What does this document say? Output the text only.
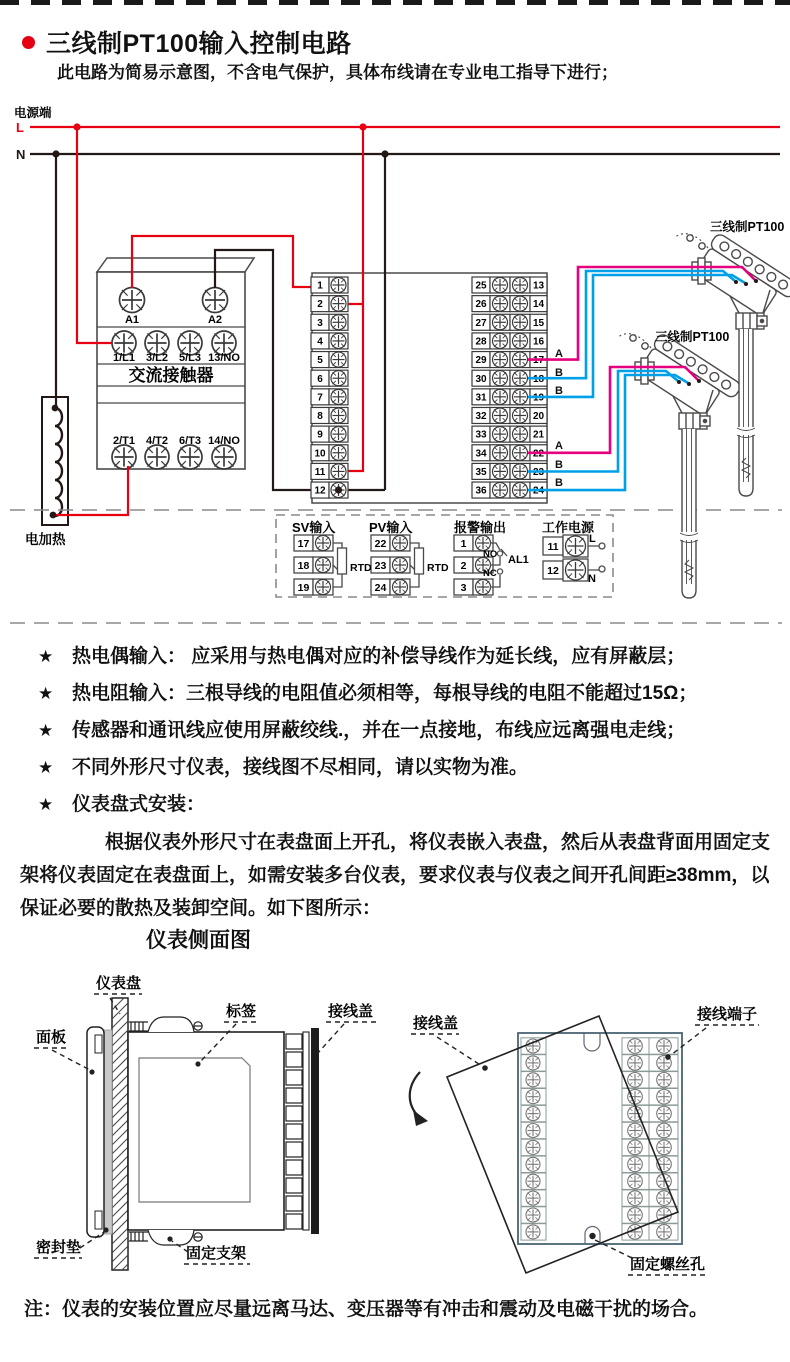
三线制PT100输入控制电路
此电路为简易示意图，不含电气保护，具体布线请在专业电工指导下进行；
电源端
L
N
交流接触器
A1	A2
1/L1 3/L2 5/L3 13/NO
2/T1 4/T2 6/T3 14/NO
电加热
1
2
3
4
5
6
7
8
9
10
11
12
25	13
26	14
27	15
28	16
29	17
30	18
31	19
32	20
33	21
34	22
35	23
36	24
A
B
B
A
B
B
三线制PT100
三线制PT100
SV输入	PV输入	报警输出	工作电源
17
18
19
22
23
24
1
2
3
11
12
NO
NC
AL1
RTD	RTD
L
N
★ 热电偶输入： 应采用与热电偶对应的补偿导线作为延长线，应有屏蔽层；
★ 热电阻输入：三根导线的电阻值必须相等，每根导线的电阻不能超过15Ω；
★ 传感器和通讯线应使用屏蔽绞线.，并在一点接地，布线应远离强电走线；
★ 不同外形尺寸仪表，接线图不尽相同，请以实物为准。
★ 仪表盘式安装：
根据仪表外形尺寸在表盘面上开孔，将仪表嵌入表盘，然后从表盘背面用固定支架将仪表固定在表盘面上，如需安装多台仪表，要求仪表与仪表之间开孔间距≥38mm，以保证必要的散热及装卸空间。如下图所示：
仪表侧面图
仪表盘
面板
标签	接线盖
密封垫	固定支架
接线盖
接线端子
固定螺丝孔
注：仪表的安装位置应尽量远离马达、变压器等有冲击和震动及电磁干扰的场合。
